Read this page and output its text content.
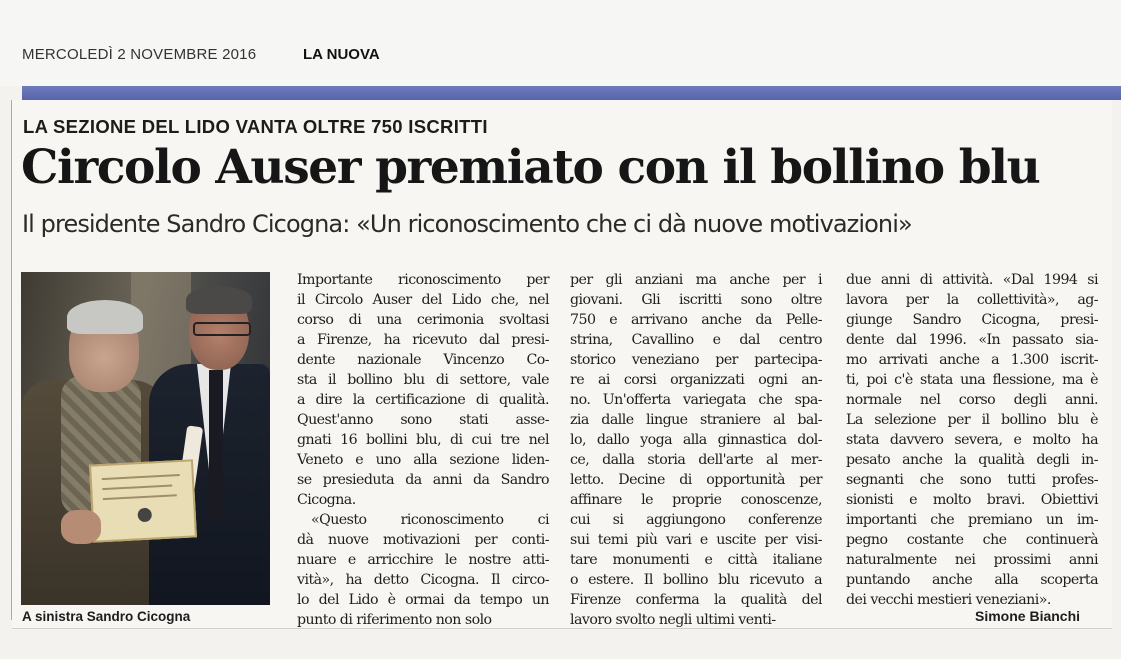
MERCOLEDÌ 2 NOVEMBRE 2016	LA NUOVA
LA SEZIONE DEL LIDO VANTA OLTRE 750 ISCRITTI
Circolo Auser premiato con il bollino blu
Il presidente Sandro Cicogna: «Un riconoscimento che ci dà nuove motivazioni»
A sinistra Sandro Cicogna
Importante riconoscimento per
il Circolo Auser del Lido che, nel
corso di una cerimonia svoltasi
a Firenze, ha ricevuto dal presi-
dente nazionale Vincenzo Co-
sta il bollino blu di settore, vale
a dire la certificazione di qualità.
Quest'anno sono stati asse-
gnati 16 bollini blu, di cui tre nel
Veneto e uno alla sezione liden-
se presieduta da anni da Sandro
Cicogna.
«Questo riconoscimento ci
dà nuove motivazioni per conti-
nuare e arricchire le nostre atti-
vità», ha detto Cicogna. Il circo-
lo del Lido è ormai da tempo un
punto di riferimento non solo
per gli anziani ma anche per i
giovani. Gli iscritti sono oltre
750 e arrivano anche da Pelle-
strina, Cavallino e dal centro
storico veneziano per partecipa-
re ai corsi organizzati ogni an-
no. Un'offerta variegata che spa-
zia dalle lingue straniere al bal-
lo, dallo yoga alla ginnastica dol-
ce, dalla storia dell'arte al mer-
letto. Decine di opportunità per
affinare le proprie conoscenze,
cui si aggiungono conferenze
sui temi più vari e uscite per visi-
tare monumenti e città italiane
o estere. Il bollino blu ricevuto a
Firenze conferma la qualità del
lavoro svolto negli ultimi venti-
due anni di attività. «Dal 1994 si
lavora per la collettività», ag-
giunge Sandro Cicogna, presi-
dente dal 1996. «In passato sia-
mo arrivati anche a 1.300 iscrit-
ti, poi c'è stata una flessione, ma è
normale nel corso degli anni.
La selezione per il bollino blu è
stata davvero severa, e molto ha
pesato anche la qualità degli in-
segnanti che sono tutti profes-
sionisti e molto bravi. Obiettivi
importanti che premiano un im-
pegno costante che continuerà
naturalmente nei prossimi anni
puntando anche alla scoperta
dei vecchi mestieri veneziani».
Simone Bianchi
